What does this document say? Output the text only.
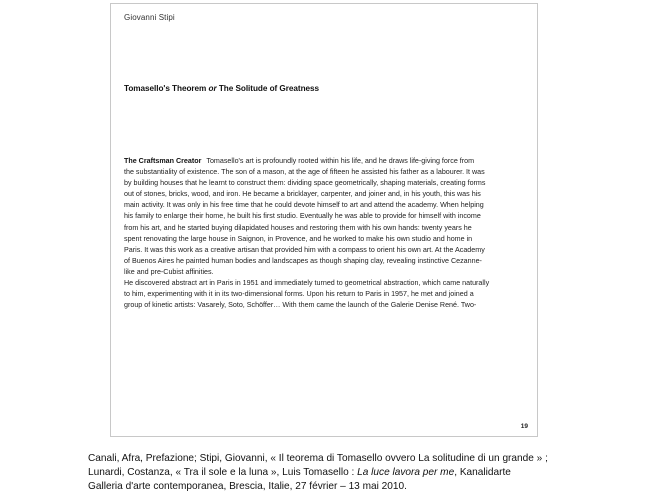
Giovanni Stipi
Tomasello's Theorem or The Solitude of Greatness
The Craftsman Creator Tomasello's art is profoundly rooted within his life, and he draws life-giving force from
the substantiality of existence. The son of a mason, at the age of fifteen he assisted his father as a labourer. It was
by building houses that he learnt to construct them: dividing space geometrically, shaping materials, creating forms
out of stones, bricks, wood, and iron. He became a bricklayer, carpenter, and joiner and, in his youth, this was his
main activity. It was only in his free time that he could devote himself to art and attend the academy. When helping
his family to enlarge their home, he built his first studio. Eventually he was able to provide for himself with income
from his art, and he started buying dilapidated houses and restoring them with his own hands: twenty years he
spent renovating the large house in Saignon, in Provence, and he worked to make his own studio and home in
Paris. It was this work as a creative artisan that provided him with a compass to orient his own art. At the Academy
of Buenos Aires he painted human bodies and landscapes as though shaping clay, revealing instinctive Cezanne-
like and pre-Cubist affinities.
He discovered abstract art in Paris in 1951 and immediately turned to geometrical abstraction, which came naturally
to him, experimenting with it in its two-dimensional forms. Upon his return to Paris in 1957, he met and joined a
group of kinetic artists: Vasarely, Soto, Schöffer… With them came the launch of the Galerie Denise René. Two-
19
Canali, Afra, Prefazione; Stipi, Giovanni, « Il teorema di Tomasello ovvero La solitudine di un grande » ;
Lunardi, Costanza, « Tra il sole e la luna », Luis Tomasello : La luce lavora per me, Kanalidarte
Galleria d'arte contemporanea, Brescia, Italie, 27 février – 13 mai 2010.
